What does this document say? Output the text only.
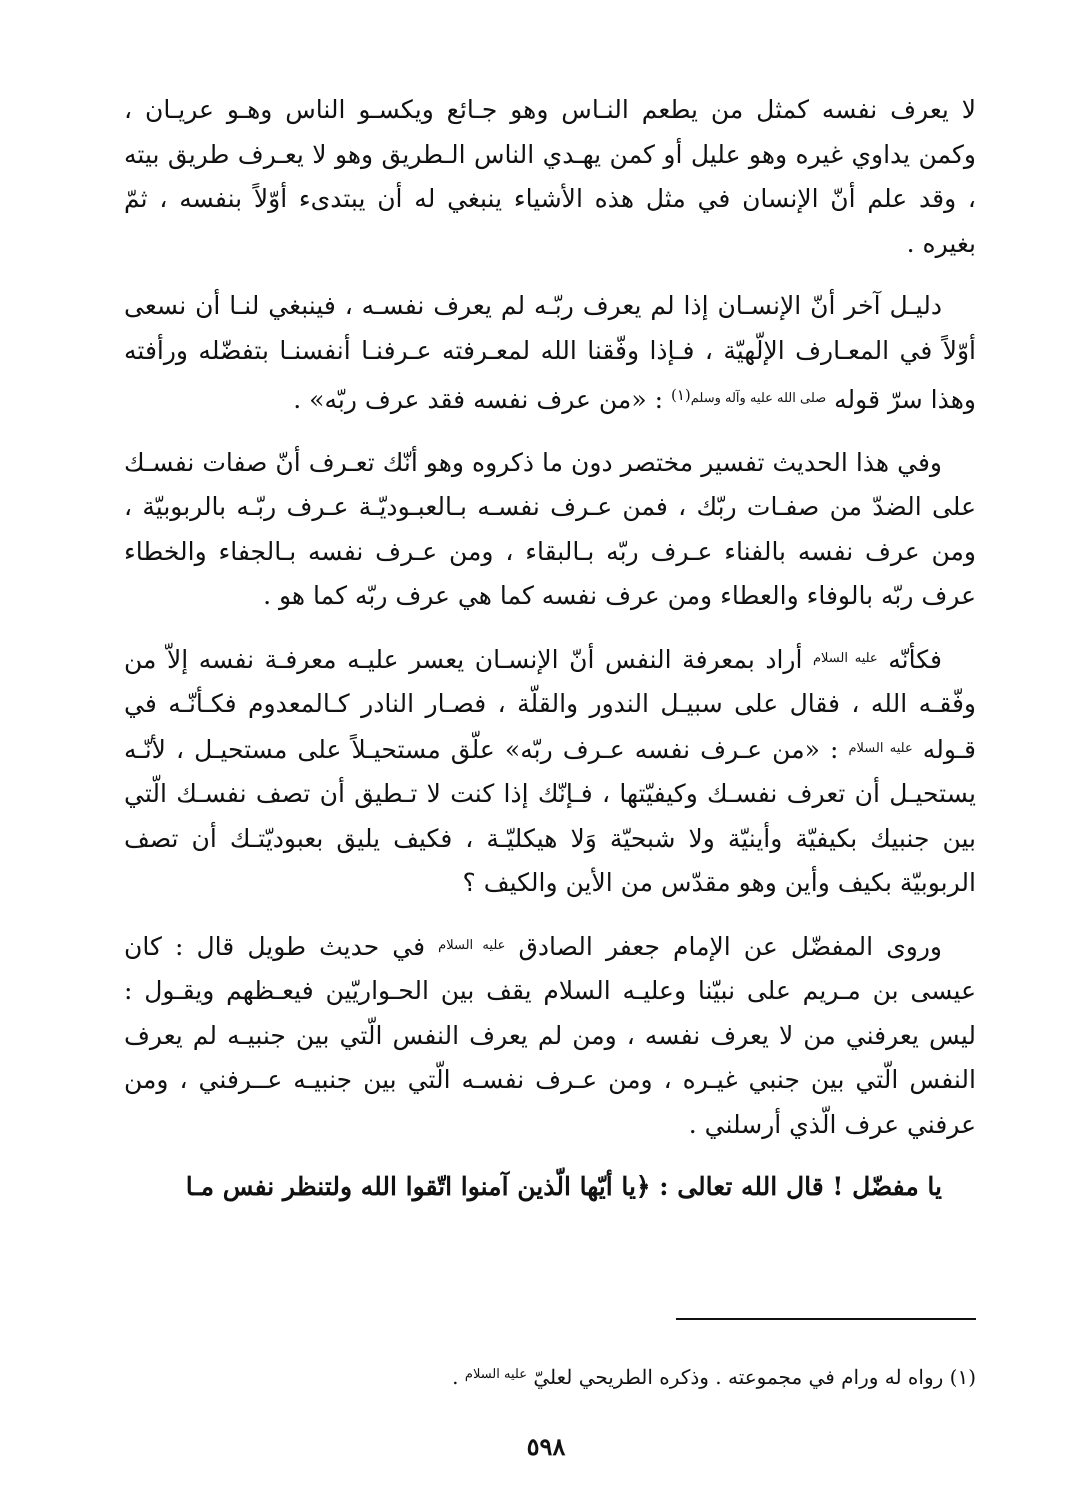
لا يعرف نفسه كمثل من يطعم النـاس وهو جـائع ويكسـو الناس وهـو عريـان ، وكمن يداوي غيره وهو عليل أو كمن يهـدي الناس الـطريق وهو لا يعـرف طريق بيته ، وقد علم أنّ الإنسان في مثل هذه الأشياء ينبغي له أن يبتدىء أوّلاً بنفسه ، ثمّ بغيره .

دليـل آخر أنّ الإنسـان إذا لم يعرف ربّـه لم يعرف نفسـه ، فينبغي لنـا أن نسعى أوّلاً في المعـارف الإلّهيّة ، فـإذا وفّقنا الله لمعـرفته عـرفنـا أنفسنـا بتفضّله ورأفته وهذا سرّ قوله $^{صلى الله عليه وآله وسلم(١)}$ : «من عرف نفسه فقد عرف ربّه» .

وفي هذا الحديث تفسير مختصر دون ما ذكروه وهو أنّك تعـرف أنّ صفات نفسـك على الضدّ من صفـات ربّك ، فمن عـرف نفسـه بـالعبـوديّـة عـرف ربّـه بالربوبيّة ، ومن عرف نفسه بالفناء عـرف ربّه بـالبقاء ، ومن عـرف نفسه بـالجفاء والخطاء عرف ربّه بالوفاء والعطاء ومن عرف نفسه كما هي عرف ربّه كما هو .

فكأنّه $^{عليه السلام}$ أراد بمعرفة النفس أنّ الإنسـان يعسر عليـه معرفـة نفسه إلاّ من وفّقـه الله ، فقال على سبيـل الندور والقلّة ، فصـار النادر كـالمعدوم فكـأنّـه في قـوله $^{عليه السلام}$ : «من عـرف نفسه عـرف ربّه» علّق مستحيـلاً على مستحيـل ، لأنّـه يستحيـل أن تعرف نفسـك وكيفيّتها ، فـإنّك إذا كنت لا تـطيق أن تصف نفسـك الّتي بين جنبيك بكيفيّة وأينيّة ولا شبحيّة وَلا هيكليّـة ، فكيف يليق بعبوديّتـك أن تصف الربوبيّة بكيف وأين وهو مقدّس من الأين والكيف ؟

وروى المفضّل عن الإمام جعفر الصادق $^{عليه السلام}$ في حديث طويل قال : كان عيسى بن مـريم على نبيّنا وعليـه السلام يقف بين الحـواريّين فيعـظهم ويقـول : ليس يعرفني من لا يعرف نفسه ، ومن لم يعرف النفس الّتي بين جنبيـه لم يعرف النفس الّتي بين جنبي غيـره ، ومن عـرف نفسـه الّتي بين جنبيـه عــرفني ، ومن عرفني عرف الّذي أرسلني .

يا مفضّل ! قال الله تعالى : ﴿يا أيّها الّذين آمنوا اتّقوا الله ولتنظر نفس مـا

(١) رواه له ورام في مجموعته . وذكره الطريحي لعليّ $^{عليه السلام}$ .
٥٩٨
